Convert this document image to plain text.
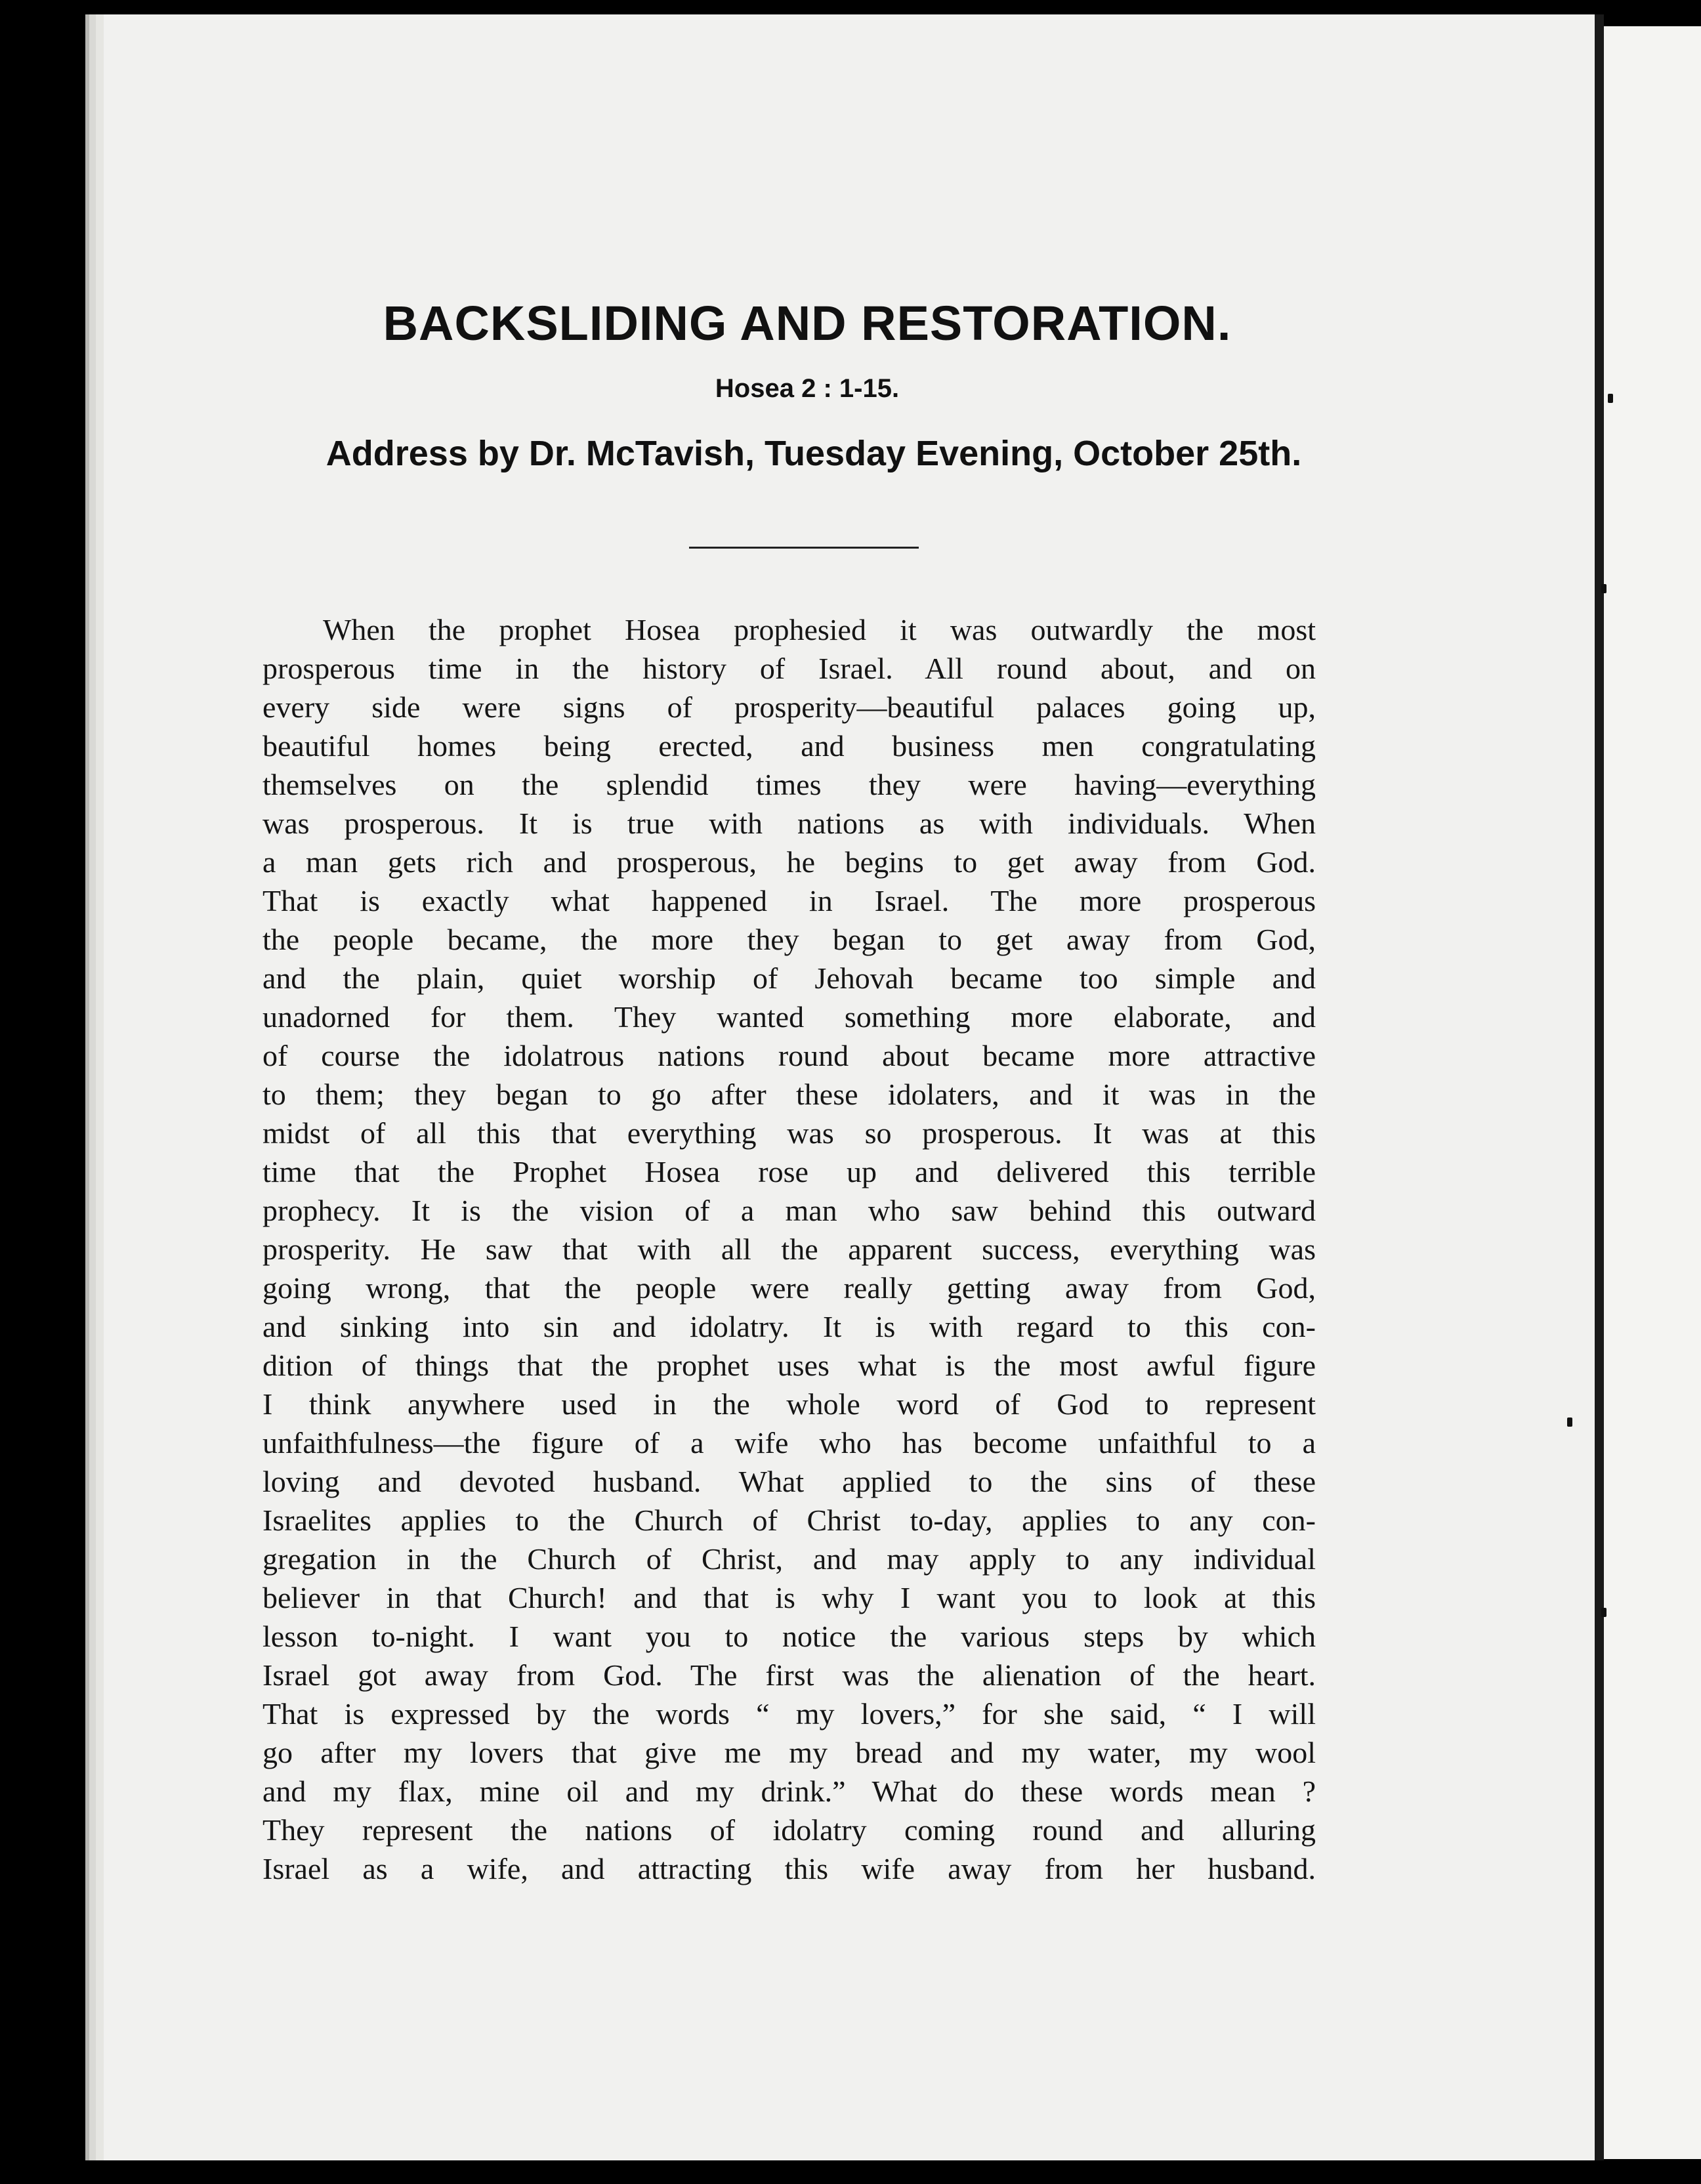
BACKSLIDING AND RESTORATION.
Hosea 2 : 1-15.
Address by Dr. McTavish, Tuesday Evening, October 25th.
When the prophet Hosea prophesied it was outwardly the most
prosperous time in the history of Israel. All round about, and on
every side were signs of prosperity—beautiful palaces going up,
beautiful homes being erected, and business men congratulating
themselves on the splendid times they were having—everything
was prosperous. It is true with nations as with individuals. When
a man gets rich and prosperous, he begins to get away from God.
That is exactly what happened in Israel. The more prosperous
the people became, the more they began to get away from God,
and the plain, quiet worship of Jehovah became too simple and
unadorned for them. They wanted something more elaborate, and
of course the idolatrous nations round about became more attractive
to them; they began to go after these idolaters, and it was in the
midst of all this that everything was so prosperous. It was at this
time that the Prophet Hosea rose up and delivered this terrible
prophecy. It is the vision of a man who saw behind this outward
prosperity. He saw that with all the apparent success, everything was
going wrong, that the people were really getting away from God,
and sinking into sin and idolatry. It is with regard to this con-
dition of things that the prophet uses what is the most awful figure
I think anywhere used in the whole word of God to represent
unfaithfulness—the figure of a wife who has become unfaithful to a
loving and devoted husband. What applied to the sins of these
Israelites applies to the Church of Christ to-day, applies to any con-
gregation in the Church of Christ, and may apply to any individual
believer in that Church! and that is why I want you to look at this
lesson to-night. I want you to notice the various steps by which
Israel got away from God. The first was the alienation of the heart.
That is expressed by the words “ my lovers,” for she said, “ I will
go after my lovers that give me my bread and my water, my wool
and my flax, mine oil and my drink.” What do these words mean ?
They represent the nations of idolatry coming round and alluring
Israel as a wife, and attracting this wife away from her husband.
